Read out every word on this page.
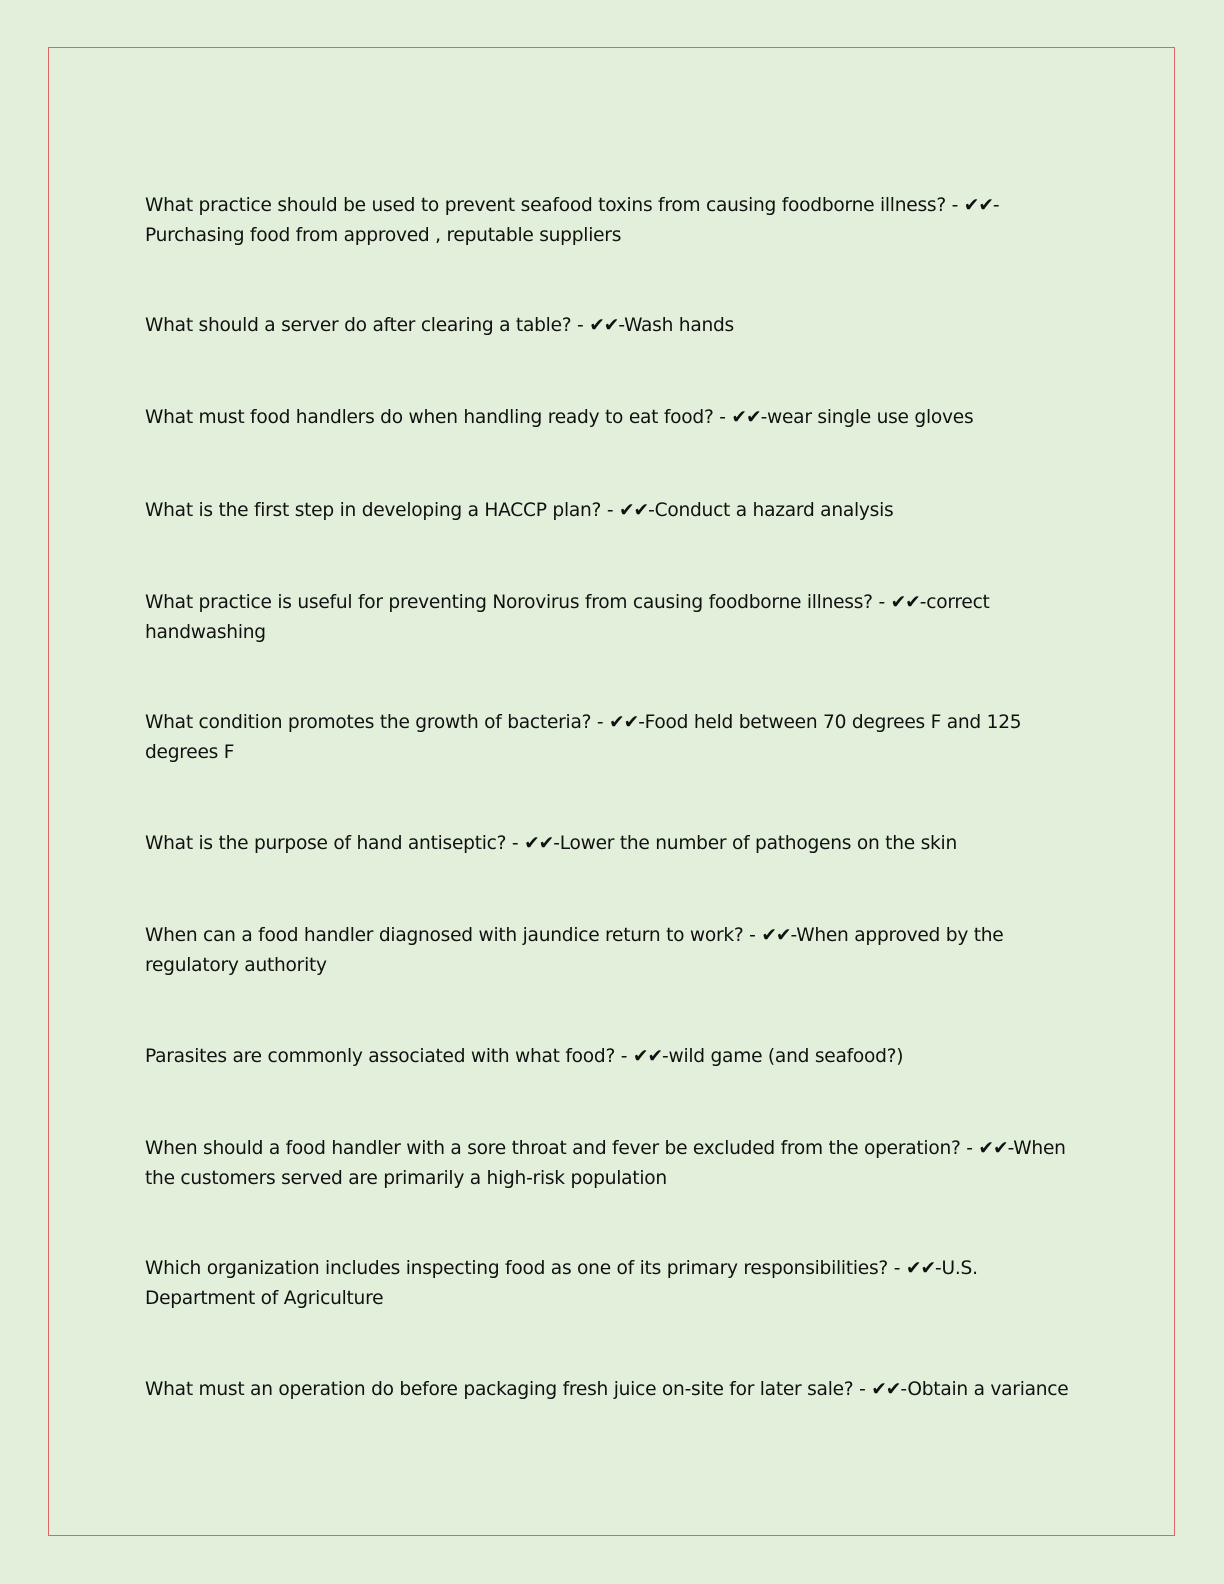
What practice should be used to prevent seafood toxins from causing foodborne illness? - ✔✔-Purchasing food from approved , reputable suppliers
What should a server do after clearing a table? - ✔✔-Wash hands
What must food handlers do when handling ready to eat food? - ✔✔-wear single use gloves
What is the first step in developing a HACCP plan? - ✔✔-Conduct a hazard analysis
What practice is useful for preventing Norovirus from causing foodborne illness? - ✔✔-correct handwashing
What condition promotes the growth of bacteria? - ✔✔-Food held between 70 degrees F and 125 degrees F
What is the purpose of hand antiseptic? - ✔✔-Lower the number of pathogens on the skin
When can a food handler diagnosed with jaundice return to work? - ✔✔-When approved by the regulatory authority
Parasites are commonly associated with what food? - ✔✔-wild game (and seafood?)
When should a food handler with a sore throat and fever be excluded from the operation? - ✔✔-When the customers served are primarily a high-risk population
Which organization includes inspecting food as one of its primary responsibilities? - ✔✔-U.S. Department of Agriculture
What must an operation do before packaging fresh juice on-site for later sale? - ✔✔-Obtain a variance
